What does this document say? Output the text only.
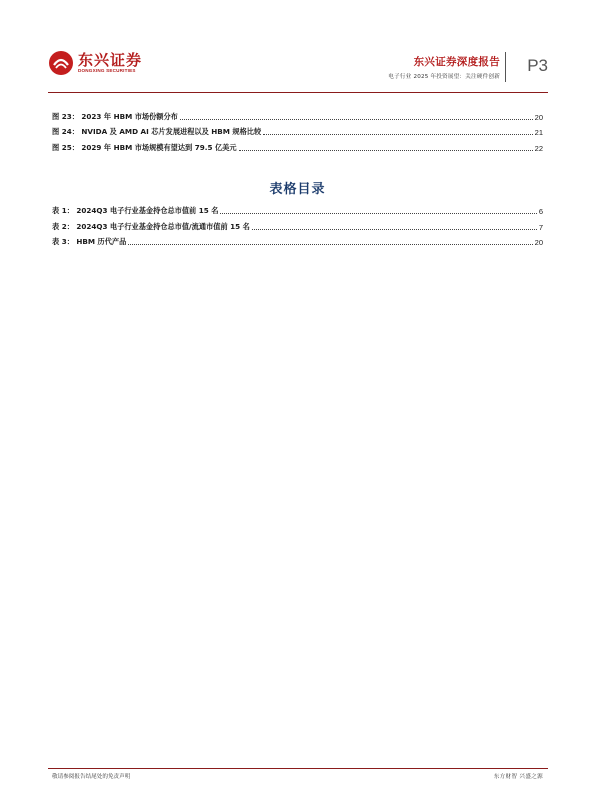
东兴证券
DONGXING SECURITIES
东兴证券深度报告
电子行业 2025 年投资展望：关注硬件创新
P3
图 23： 2023 年 HBM 市场份额分布	20
图 24： NVIDA 及 AMD AI 芯片发展进程以及 HBM 规格比较	21
图 25： 2029 年 HBM 市场规模有望达到 79.5 亿美元	22
表格目录
表 1： 2024Q3 电子行业基金持仓总市值前 15 名	6
表 2： 2024Q3 电子行业基金持仓总市值/流通市值前 15 名	7
表 3： HBM 历代产品	20
敬请参阅报告结尾处的免责声明	东方财智 兴盛之源
